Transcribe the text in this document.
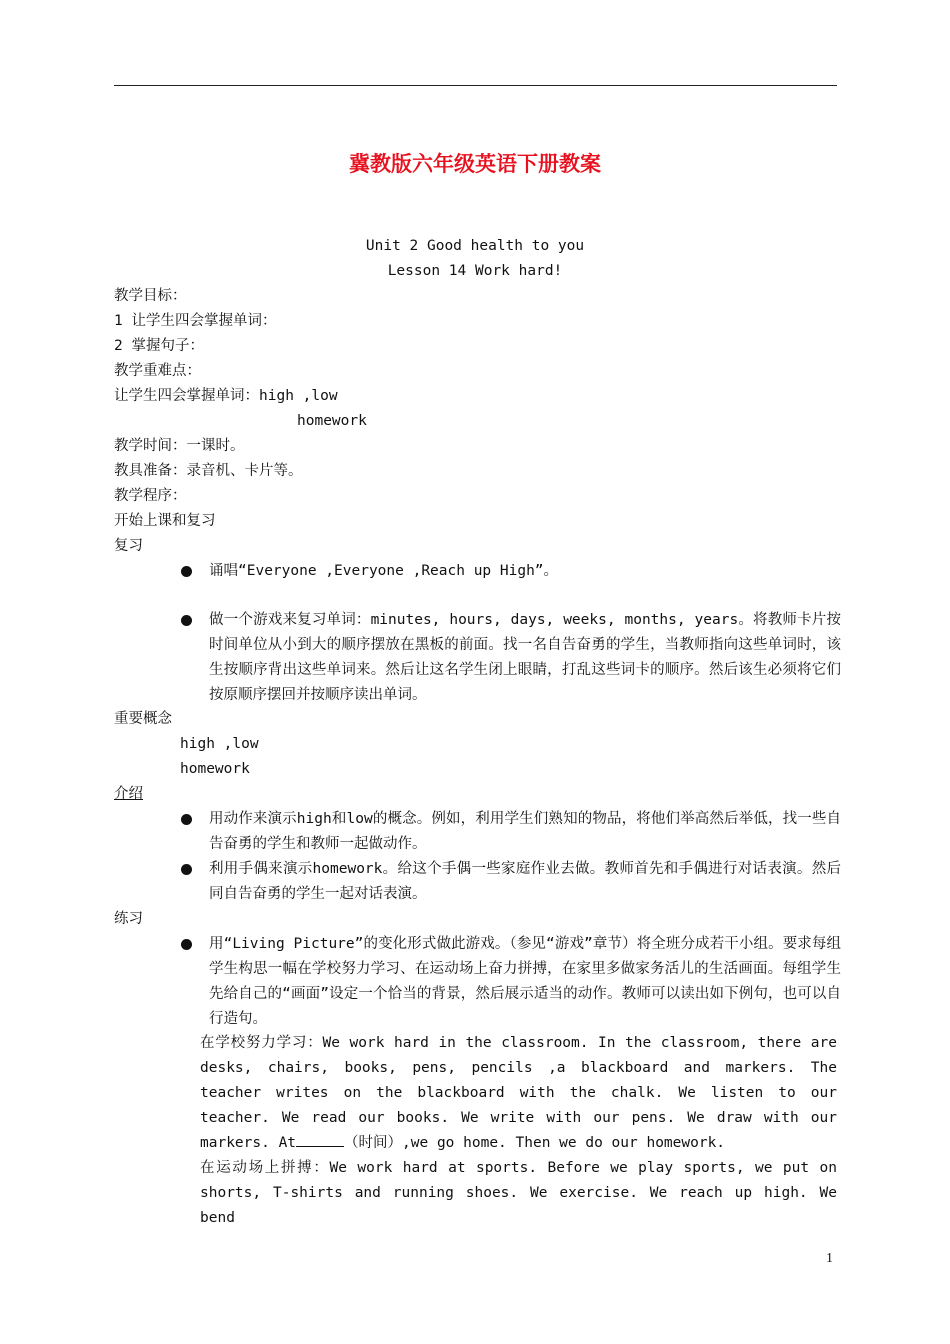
冀教版六年级英语下册教案
Unit 2 Good health to you
Lesson 14 Work hard!
教学目标：
1 让学生四会掌握单词：
2 掌握句子：
教学重难点：
让学生四会掌握单词：high ,low
homework
教学时间：一课时。
教具准备：录音机、卡片等。
教学程序：
开始上课和复习
复习
诵唱“Everyone ,Everyone ,Reach up High”。
做一个游戏来复习单词：minutes, hours, days, weeks, months, years。将教师卡片按时间单位从小到大的顺序摆放在黑板的前面。找一名自告奋勇的学生，当教师指向这些单词时，该生按顺序背出这些单词来。然后让这名学生闭上眼睛，打乱这些词卡的顺序。然后该生必须将它们按原顺序摆回并按顺序读出单词。
重要概念
high ,low
homework
介绍
用动作来演示high和low的概念。例如，利用学生们熟知的物品，将他们举高然后举低，找一些自告奋勇的学生和教师一起做动作。
利用手偶来演示homework。给这个手偶一些家庭作业去做。教师首先和手偶进行对话表演。然后同自告奋勇的学生一起对话表演。
练习
用“Living Picture”的变化形式做此游戏。（参见“游戏”章节）将全班分成若干小组。要求每组学生构思一幅在学校努力学习、在运动场上奋力拼搏，在家里多做家务活儿的生活画面。每组学生先给自己的“画面”设定一个恰当的背景，然后展示适当的动作。教师可以读出如下例句，也可以自行造句。
在学校努力学习：We work hard in the classroom. In the classroom, there are desks, chairs, books, pens, pencils ,a blackboard and markers. The teacher writes on the blackboard with the chalk. We listen to our teacher. We read our books. We write with our pens. We draw with our markers. At	（时间）,we go home. Then we do our homework.
在运动场上拼搏：We work hard at sports. Before we play sports, we put on shorts, T-shirts and running shoes. We exercise. We reach up high. We bend
1
